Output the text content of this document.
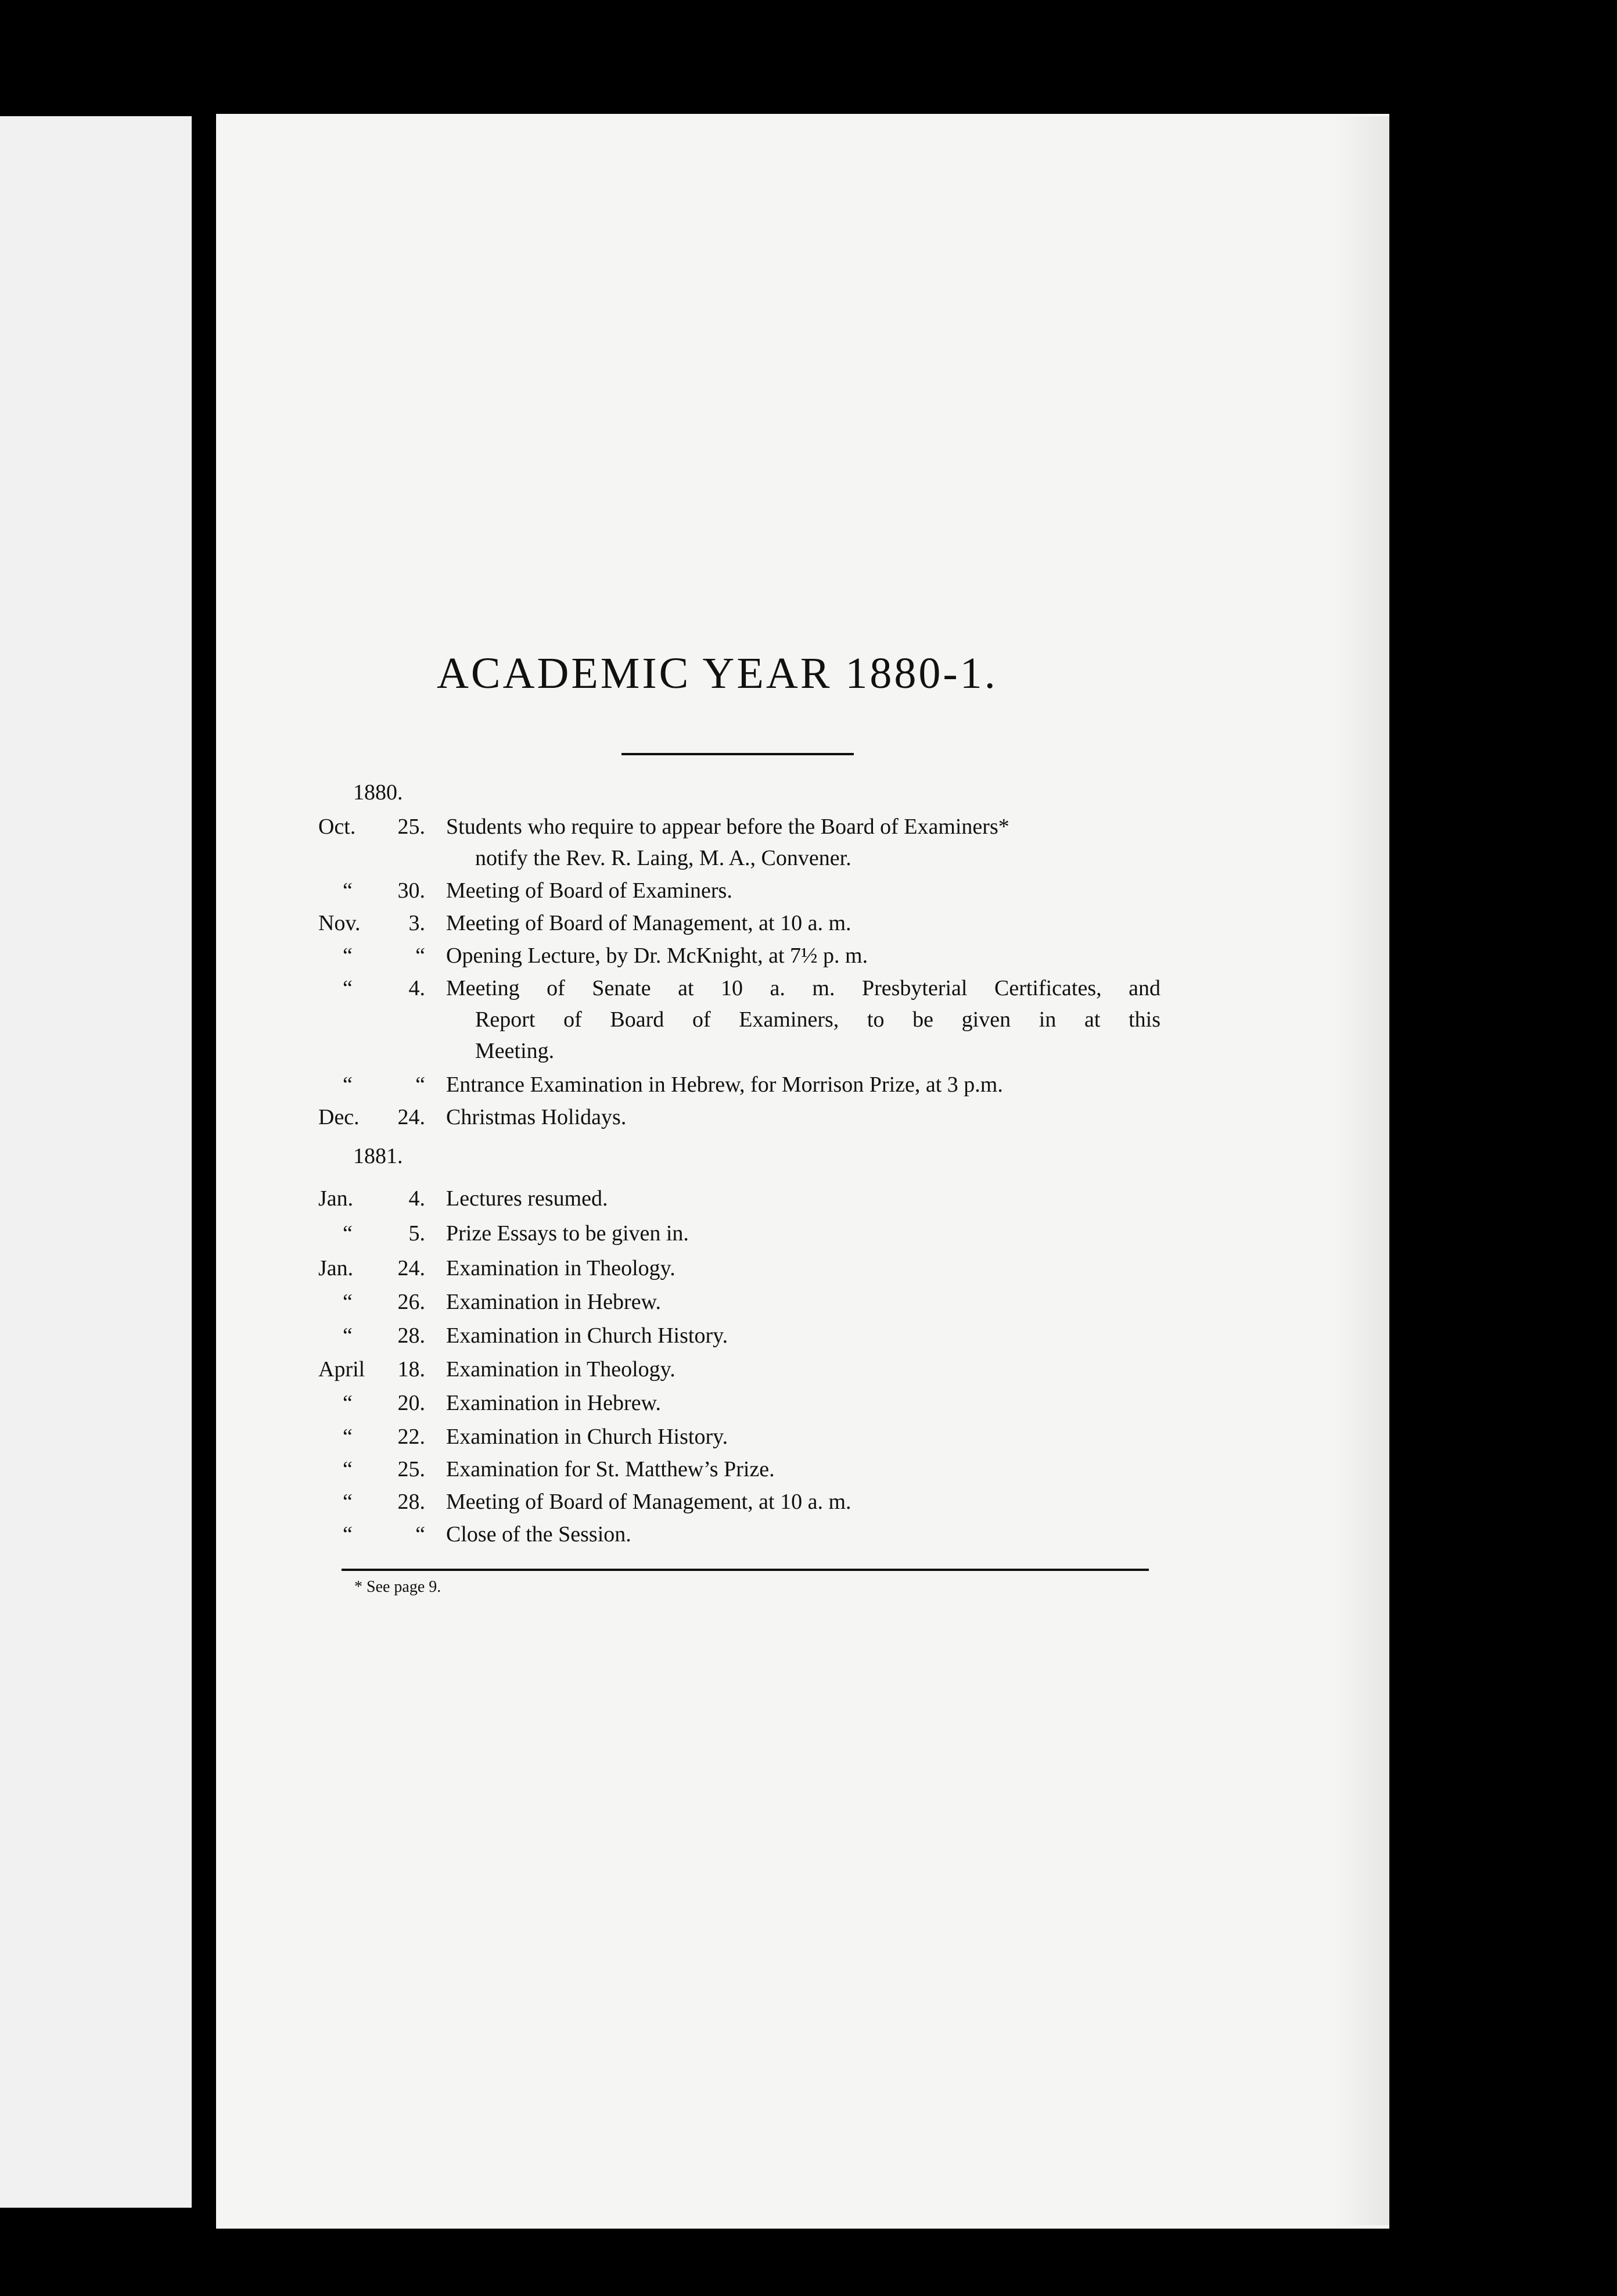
ACADEMIC YEAR 1880-1.
1880.
Oct. 25. Students who require to appear before the Board of Examiners*
notify the Rev. R. Laing, M. A., Convener.
“ 30. Meeting of Board of Examiners.
Nov. 3. Meeting of Board of Management, at 10 a. m.
“	“ Opening Lecture, by Dr. McKnight, at 7½ p. m.
“	4. Meeting of Senate at 10 a. m. Presbyterial Certificates, and
Report of Board of Examiners, to be given in at this
Meeting.
“	“ Entrance Examination in Hebrew, for Morrison Prize, at 3 p.m.
Dec. 24. Christmas Holidays.
1881.
Jan.	4. Lectures resumed.
“	5. Prize Essays to be given in.
Jan. 24. Examination in Theology.
“ 26. Examination in Hebrew.
“ 28. Examination in Church History.
April 18. Examination in Theology.
“ 20. Examination in Hebrew.
“ 22. Examination in Church History.
“ 25. Examination for St. Matthew’s Prize.
“ 28. Meeting of Board of Management, at 10 a. m.
“	“ Close of the Session.
* See page 9.
